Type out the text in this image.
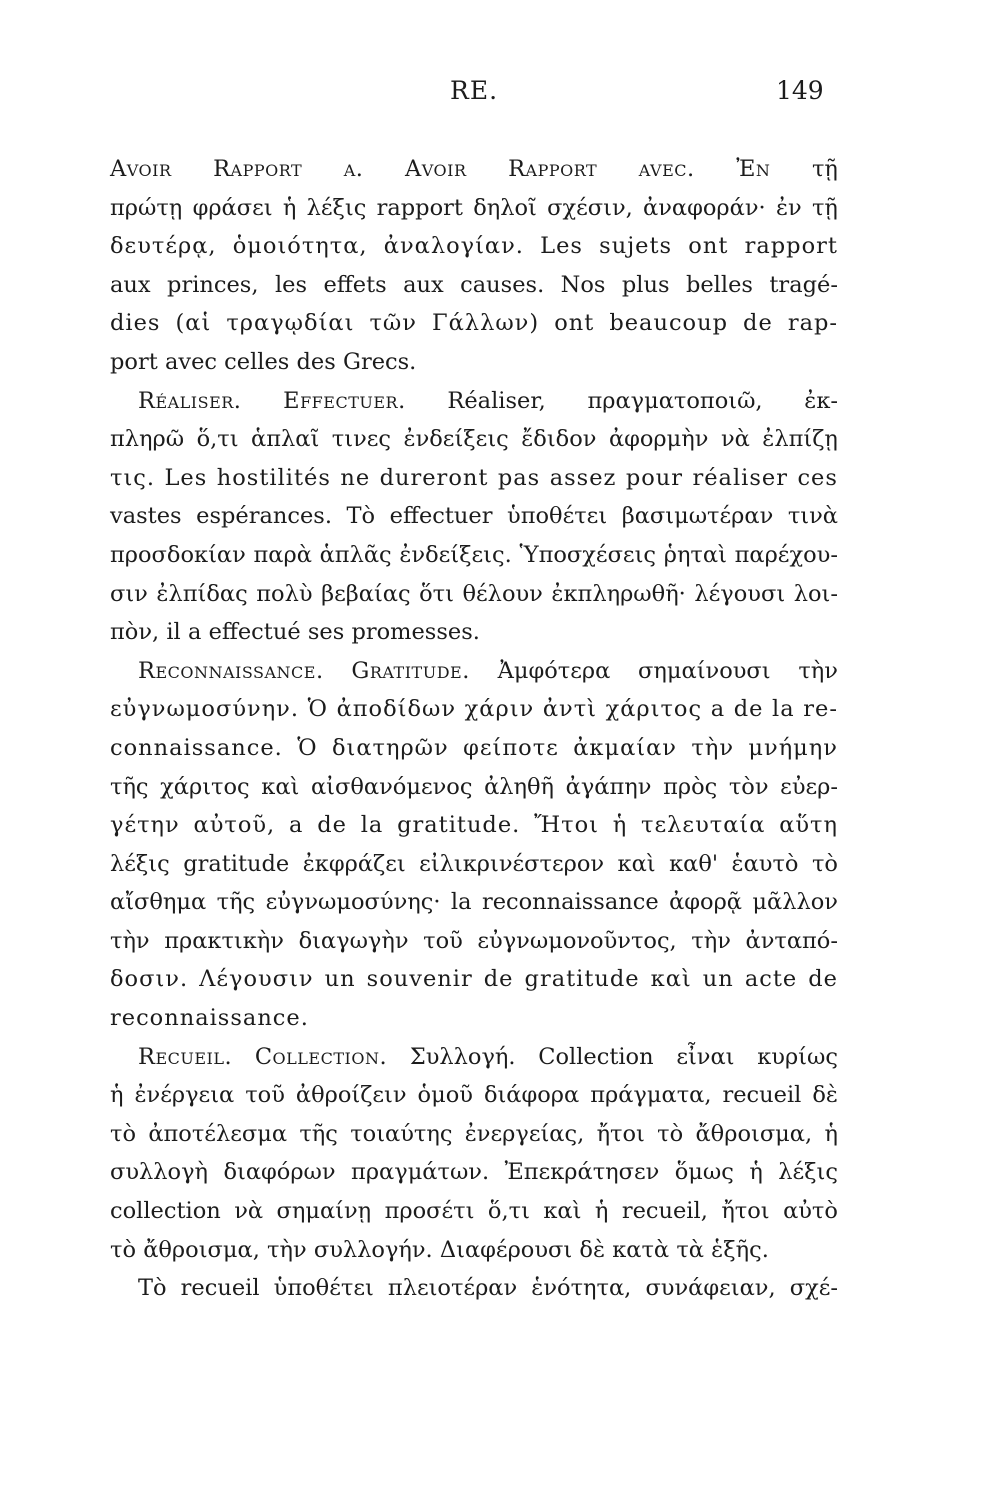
RE.	149
Avoir Rapport a. Avoir Rapport avec. Ἐν τῇ
πρώτῃ φράσει ἡ λέξις rapport δηλοῖ σχέσιν, ἀναφοράν· ἐν τῇ
δευτέρᾳ, ὁμοιότητα, ἀναλογίαν. Les sujets ont rapport
aux princes, les effets aux causes. Nos plus belles tragé-
dies (αἱ τραγῳδίαι τῶν Γάλλων) ont beaucoup de rap-
port avec celles des Grecs.
Réaliser. Effectuer. Réaliser, πραγματοποιῶ, ἐκ-
πληρῶ ὅ,τι ἁπλαῖ τινες ἐνδείξεις ἔδιδον ἀφορμὴν νὰ ἐλπίζῃ
τις. Les hostilités ne dureront pas assez pour réaliser ces
vastes espérances. Τὸ effectuer ὑποθέτει βασιμωτέραν τινὰ
προσδοκίαν παρὰ ἁπλᾶς ἐνδείξεις. Ὑποσχέσεις ῥηταὶ παρέχου-
σιν ἐλπίδας πολὺ βεβαίας ὅτι θέλουν ἐκπληρωθῆ· λέγουσι λοι-
πὸν, il a effectué ses promesses.
Reconnaissance. Gratitude. Ἀμφότερα σημαίνουσι τὴν
εὐγνωμοσύνην. Ὁ ἀποδίδων χάριν ἀντὶ χάριτος a de la re-
connaissance. Ὁ διατηρῶν φείποτε ἀκμαίαν τὴν μνήμην
τῆς χάριτος καὶ αἰσθανόμενος ἀληθῆ ἀγάπην πρὸς τὸν εὐερ-
γέτην αὐτοῦ, a de la gratitude. Ἤτοι ἡ τελευταία αὕτη
λέξις gratitude ἐκφράζει εἰλικρινέστερον καὶ καθ' ἑαυτὸ τὸ
αἴσθημα τῆς εὐγνωμοσύνης· la reconnaissance ἀφορᾷ μᾶλλον
τὴν πρακτικὴν διαγωγὴν τοῦ εὐγνωμονοῦντος, τὴν ἀνταπό-
δοσιν. Λέγουσιν un souvenir de gratitude καὶ un acte de
reconnaissance.
Recueil. Collection. Συλλογή. Collection εἶναι κυρίως
ἡ ἐνέργεια τοῦ ἀθροίζειν ὁμοῦ διάφορα πράγματα, recueil δὲ
τὸ ἀποτέλεσμα τῆς τοιαύτης ἐνεργείας, ἤτοι τὸ ἄθροισμα, ἡ
συλλογὴ διαφόρων πραγμάτων. Ἐπεκράτησεν ὅμως ἡ λέξις
collection νὰ σημαίνῃ προσέτι ὅ,τι καὶ ἡ recueil, ἤτοι αὐτὸ
τὸ ἄθροισμα, τὴν συλλογήν. Διαφέρουσι δὲ κατὰ τὰ ἑξῆς.
Τὸ recueil ὑποθέτει πλειοτέραν ἑνότητα, συνάφειαν, σχέ-
